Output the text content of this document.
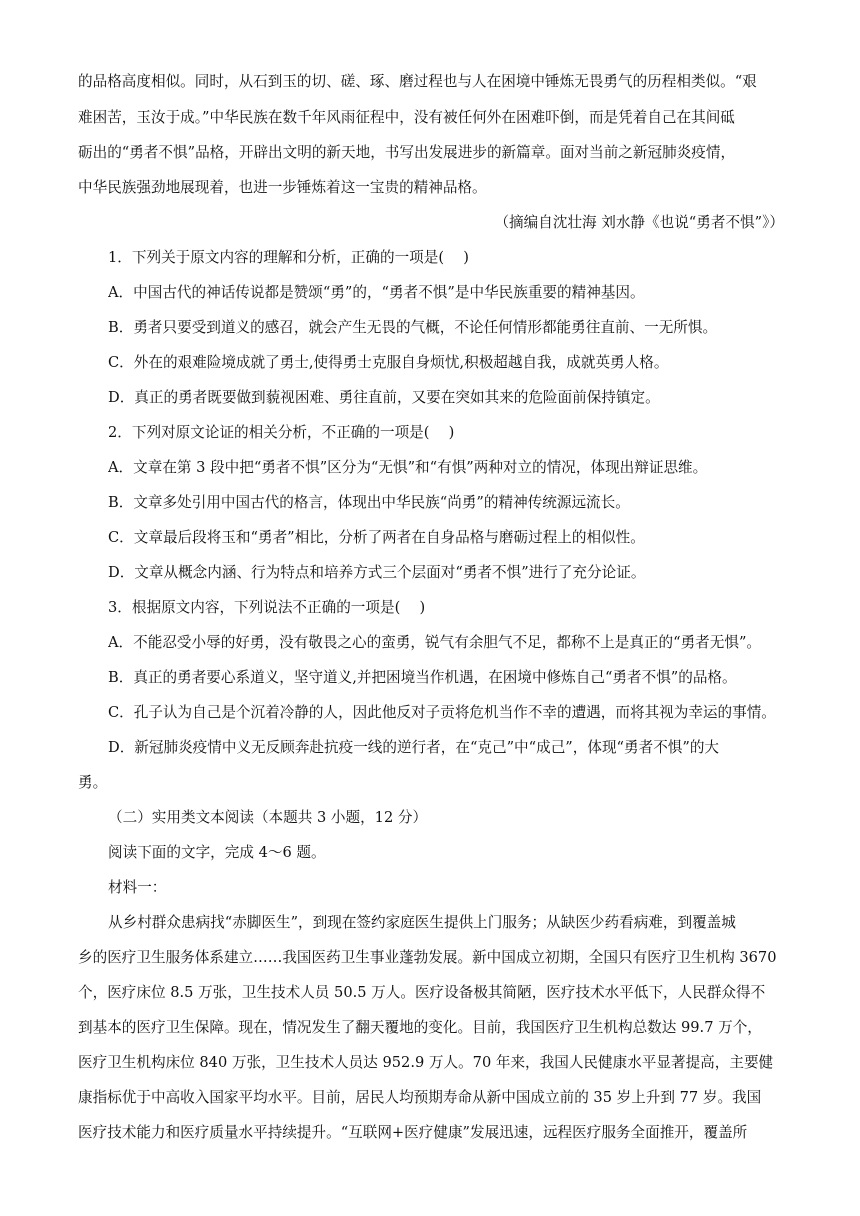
的品格高度相似。同时，从石到玉的切、磋、琢、磨过程也与人在困境中锤炼无畏勇气的历程相类似。“艰
难困苦，玉汝于成。”中华民族在数千年风雨征程中，没有被任何外在困难吓倒，而是凭着自己在其间砥
砺出的“勇者不惧”品格，开辟出文明的新天地，书写出发展进步的新篇章。面对当前之新冠肺炎疫情，
中华民族强劲地展现着，也进一步锤炼着这一宝贵的精神品格。
（摘编自沈壮海 刘水静《也说“勇者不惧”》）
1．下列关于原文内容的理解和分析，正确的一项是(　 )
A．中国古代的神话传说都是赞颂“勇”的，“勇者不惧”是中华民族重要的精神基因。
B．勇者只要受到道义的感召，就会产生无畏的气概，不论任何情形都能勇往直前、一无所惧。
C．外在的艰难险境成就了勇士,使得勇士克服自身烦忧,积极超越自我，成就英勇人格。
D．真正的勇者既要做到藐视困难、勇往直前，又要在突如其来的危险面前保持镇定。
2．下列对原文论证的相关分析，不正确的一项是(　 )
A．文章在第 3 段中把“勇者不惧”区分为“无惧”和“有惧”两种对立的情况，体现出辩证思维。
B．文章多处引用中国古代的格言，体现出中华民族“尚勇”的精神传统源远流长。
C．文章最后段将玉和“勇者”相比，分析了两者在自身品格与磨砺过程上的相似性。
D．文章从概念内涵、行为特点和培养方式三个层面对“勇者不惧”进行了充分论证。
3．根据原文内容，下列说法不正确的一项是(　 )
A．不能忍受小辱的好勇，没有敬畏之心的蛮勇，锐气有余胆气不足，都称不上是真正的“勇者无惧”。
B．真正的勇者要心系道义，坚守道义,并把困境当作机遇，在困境中修炼自己“勇者不惧”的品格。
C．孔子认为自己是个沉着冷静的人，因此他反对子贡将危机当作不幸的遭遇，而将其视为幸运的事情。
D．新冠肺炎疫情中义无反顾奔赴抗疫一线的逆行者，在“克己”中“成己”，体现“勇者不惧”的大
勇。
（二）实用类文本阅读（本题共 3 小题，12 分）
阅读下面的文字，完成 4～6 题。
材料一：
从乡村群众患病找“赤脚医生”，到现在签约家庭医生提供上门服务；从缺医少药看病难，到覆盖城
乡的医疗卫生服务体系建立……我国医药卫生事业蓬勃发展。新中国成立初期，全国只有医疗卫生机构 3670
个，医疗床位 8.5 万张，卫生技术人员 50.5 万人。医疗设备极其简陋，医疗技术水平低下，人民群众得不
到基本的医疗卫生保障。现在，情况发生了翻天覆地的变化。目前，我国医疗卫生机构总数达 99.7 万个，
医疗卫生机构床位 840 万张，卫生技术人员达 952.9 万人。70 年来，我国人民健康水平显著提高，主要健
康指标优于中高收入国家平均水平。目前，居民人均预期寿命从新中国成立前的 35 岁上升到 77 岁。我国
医疗技术能力和医疗质量水平持续提升。“互联网+医疗健康”发展迅速，远程医疗服务全面推开，覆盖所
